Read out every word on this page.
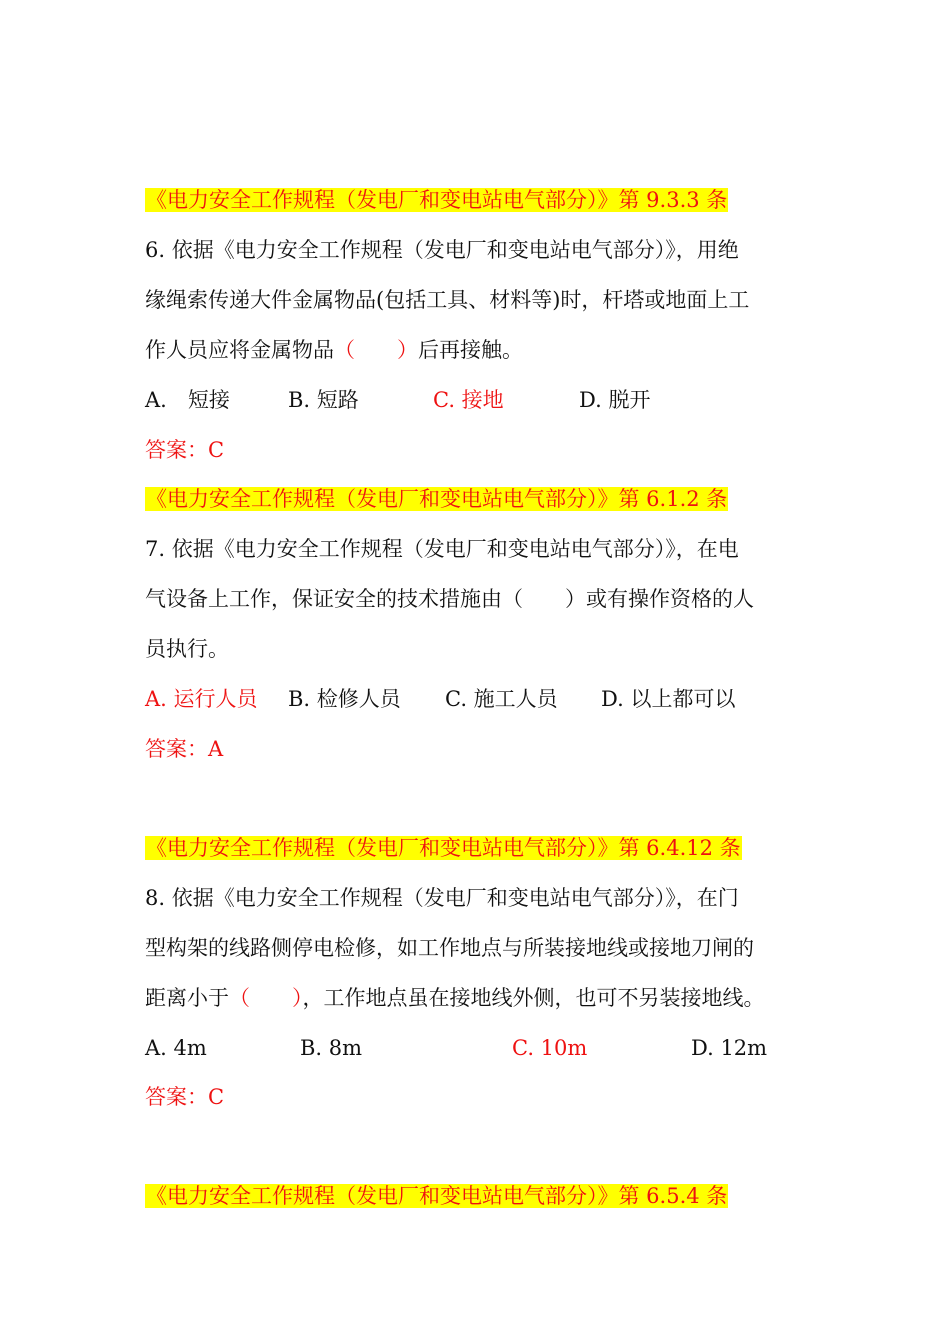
《电力安全工作规程（发电厂和变电站电气部分）》第 9.3.3 条
6. 依据《电力安全工作规程（发电厂和变电站电气部分）》，用绝
缘绳索传递大件金属物品(包括工具、材料等)时，杆塔或地面上工
作人员应将金属物品（　　）后再接触。
A.　短接	B. 短路	C. 接地	D. 脱开
答案：C
《电力安全工作规程（发电厂和变电站电气部分）》第 6.1.2 条
7. 依据《电力安全工作规程（发电厂和变电站电气部分）》，在电
气设备上工作，保证安全的技术措施由（　　）或有操作资格的人
员执行。
A. 运行人员 B. 检修人员 C. 施工人员 D. 以上都可以
答案：A
《电力安全工作规程（发电厂和变电站电气部分）》第 6.4.12 条
8. 依据《电力安全工作规程（发电厂和变电站电气部分）》，在门
型构架的线路侧停电检修，如工作地点与所装接地线或接地刀闸的
距离小于（　　），工作地点虽在接地线外侧，也可不另装接地线。
A. 4m	B. 8m	C. 10m	D. 12m
答案：C
《电力安全工作规程（发电厂和变电站电气部分）》第 6.5.4 条
